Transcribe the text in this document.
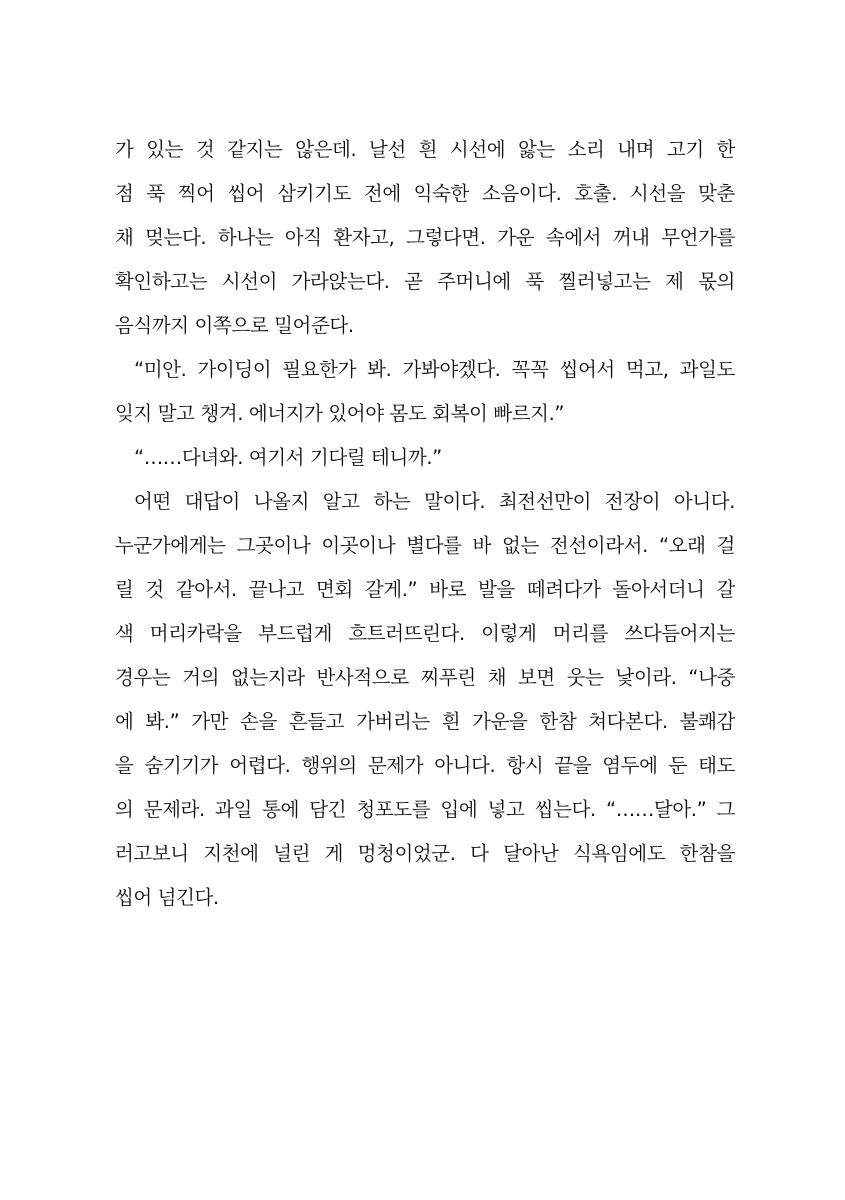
가 있는 것 같지는 않은데. 날선 흰 시선에 앓는 소리 내며 고기 한
점 푹 찍어 씹어 삼키기도 전에 익숙한 소음이다. 호출. 시선을 맞춘
채 멎는다. 하나는 아직 환자고, 그렇다면. 가운 속에서 꺼내 무언가를
확인하고는 시선이 가라앉는다. 곧 주머니에 푹 찔러넣고는 제 몫의
음식까지 이쪽으로 밀어준다.
“미안. 가이딩이 필요한가 봐. 가봐야겠다. 꼭꼭 씹어서 먹고, 과일도
잊지 말고 챙겨. 에너지가 있어야 몸도 회복이 빠르지.”
“……다녀와. 여기서 기다릴 테니까.”
어떤 대답이 나올지 알고 하는 말이다. 최전선만이 전장이 아니다.
누군가에게는 그곳이나 이곳이나 별다를 바 없는 전선이라서. “오래 걸
릴 것 같아서. 끝나고 면회 갈게.” 바로 발을 떼려다가 돌아서더니 갈
색 머리카락을 부드럽게 흐트러뜨린다. 이렇게 머리를 쓰다듬어지는
경우는 거의 없는지라 반사적으로 찌푸린 채 보면 웃는 낯이라. “나중
에 봐.” 가만 손을 흔들고 가버리는 흰 가운을 한참 쳐다본다. 불쾌감
을 숨기기가 어렵다. 행위의 문제가 아니다. 항시 끝을 염두에 둔 태도
의 문제라. 과일 통에 담긴 청포도를 입에 넣고 씹는다. “……달아.” 그
러고보니 지천에 널린 게 멍청이었군. 다 달아난 식욕임에도 한참을
씹어 넘긴다.
